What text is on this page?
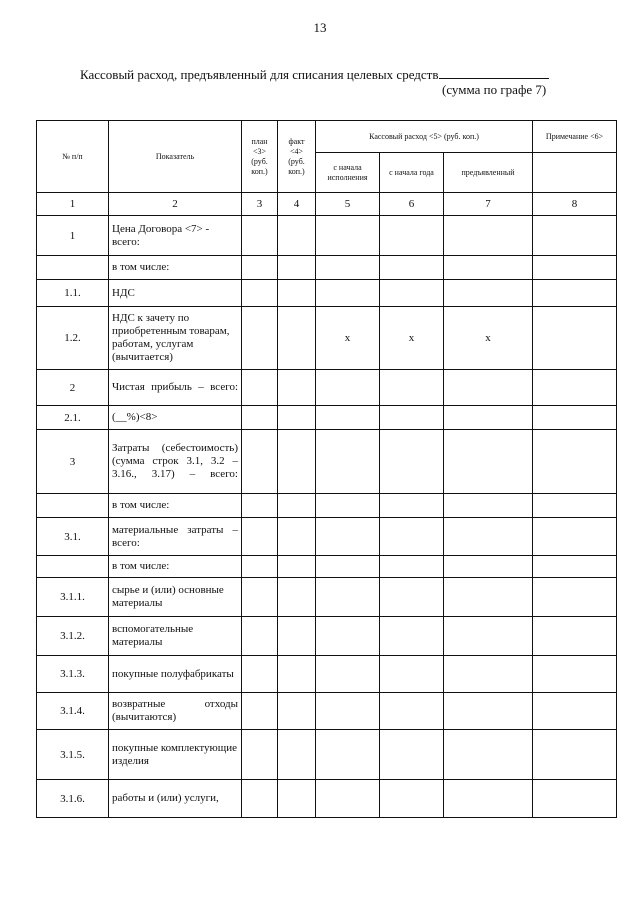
13
Кассовый расход, предъявленный для списания целевых средств
(сумма по графе 7)
№ п/п	Показатель	план <3> (руб. коп.)	факт <4> (руб. коп.)	Кассовый расход <5> (руб. коп.)			Примечание <6>
				с начала исполнения	с начала года	предъявленный	
1	2	3	4	5	6	7	8
1	Цена Договора <7> - всего:						
	в том числе:						
1.1.	НДС						
1.2.	НДС к зачету по приобретенным товарам, работам, услугам (вычитается)			x	x	x	
2	Чистая прибыль – всего:						
2.1.	(__%)<8>						
3	Затраты (себестоимость) (сумма строк 3.1, 3.2 – 3.16., 3.17) – всего:						
	в том числе:						
3.1.	материальные затраты – всего:						
	в том числе:						
3.1.1.	сырье и (или) основные материалы						
3.1.2.	вспомогательные материалы						
3.1.3.	покупные полуфабрикаты						
3.1.4.	возвратные отходы (вычитаются)						
3.1.5.	покупные комплектующие изделия						
3.1.6.	работы и (или) услуги,						
